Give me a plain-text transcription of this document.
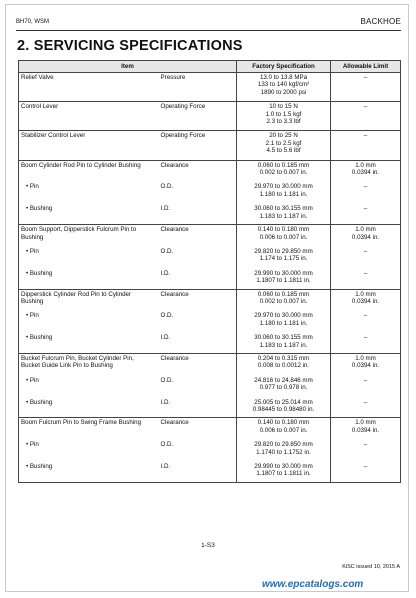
BH70, WSM	BACKHOE
2. SERVICING SPECIFICATIONS
Item		Factory Specification	Allowable Limit
Relief Valve	Pressure	13.0 to 13.8 MPa
133 to 140 kgf/cm²
1890 to 2000 psi	–
Control Lever	Operating Force	10 to 15 N
1.0 to 1.5 kgf
2.3 to 3.3 lbf	–
Stabilizer Control Lever	Operating Force	20 to 25 N
2.1 to 2.5 kgf
4.5 to 5.6 lbf	–
Boom Cylinder Rod Pin to Cylinder Bushing	Clearance	0.060 to 0.185 mm
0.002 to 0.007 in.	1.0 mm
0.0394 in.
• Pin	O.D.	29.970 to 30.000 mm
1.180 to 1.181 in.	–
• Bushing	I.D.	30.060 to 30.155 mm
1.183 to 1.187 in.	–
Boom Support, Dipperstick Fulcrum Pin to
Bushing	Clearance	0.140 to 0.180 mm
0.006 to 0.007 in.	1.0 mm
0.0394 in.
• Pin	O.D.	29.820 to 29.850 mm
1.174 to 1.175 in.	–
• Bushing	I.D.	29.990 to 30.000 mm
1.1807 to 1.1811 in.	–
Dipperstick Cylinder Rod Pin to Cylinder
Bushing	Clearance	0.060 to 0.185 mm
0.002 to 0.007 in.	1.0 mm
0.0394 in.
• Pin	O.D.	29.970 to 30.000 mm
1.180 to 1.181 in.	–
• Bushing	I.D.	30.060 to 30.155 mm
1.183 to 1.187 in.	–
Bucket Fulcrum Pin, Bucket Cylinder Pin,
Bucket Guide Link Pin to Bushing	Clearance	0.204 to 0.315 mm
0.008 to 0.0012 in.	1.0 mm
0.0394 in.
• Pin	O.D.	24.816 to 24.846 mm
0.977 to 0.978 in.	–
• Bushing	I.D.	25.005 to 25.014 mm
0.98445 to 0.98480 in.	–
Boom Fulcrum Pin to Swing Frame Bushing	Clearance	0.140 to 0.180 mm
0.006 to 0.007 in.	1.0 mm
0.0394 in.
• Pin	O.D.	29.820 to 29.850 mm
1.1740 to 1.1752 in.	–
• Bushing	I.D.	29.990 to 30.000 mm
1.1807 to 1.1811 in.	–
1-S3
KiSC issued 10, 2015 A
www.epcatalogs.com
